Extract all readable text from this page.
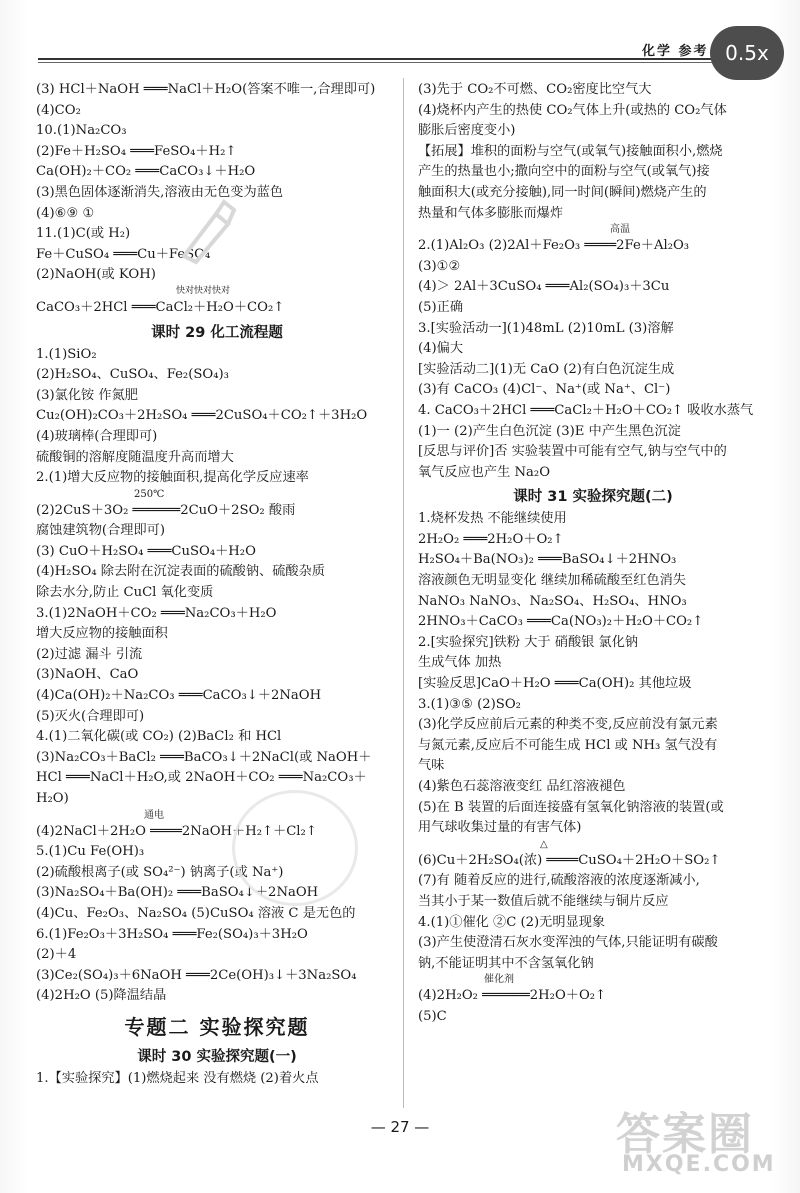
化学 参考 0.5x
(3) HCl＋NaOH ═══NaCl＋H₂O(答案不唯一,合理即可)
(4)CO₂
10.(1)Na₂CO₃
(2)Fe＋H₂SO₄ ═══FeSO₄＋H₂↑
Ca(OH)₂＋CO₂ ═══CaCO₃↓＋H₂O
(3)黑色固体逐渐消失,溶液由无色变为蓝色
(4)⑥⑨ ①
11.(1)C(或 H₂)
Fe＋CuSO₄ ═══Cu＋FeSO₄
(2)NaOH(或 KOH)
快对快对快对
CaCO₃＋2HCl ═══CaCl₂＋H₂O＋CO₂↑
课时 29 化工流程题
1.(1)SiO₂
(2)H₂SO₄、CuSO₄、Fe₂(SO₄)₃
(3)氯化铵 作氮肥
Cu₂(OH)₂CO₃＋2H₂SO₄ ═══2CuSO₄＋CO₂↑＋3H₂O
(4)玻璃棒(合理即可)
硫酸铜的溶解度随温度升高而增大
2.(1)增大反应物的接触面积,提高化学反应速率
250℃
(2)2CuS＋3O₂ ══════2CuO＋2SO₂ 酸雨
腐蚀建筑物(合理即可)
(3) CuO＋H₂SO₄ ═══CuSO₄＋H₂O
(4)H₂SO₄ 除去附在沉淀表面的硫酸钠、硫酸杂质
除去水分,防止 CuCl 氧化变质
3.(1)2NaOH＋CO₂ ═══Na₂CO₃＋H₂O
增大反应物的接触面积
(2)过滤 漏斗 引流
(3)NaOH、CaO
(4)Ca(OH)₂＋Na₂CO₃ ═══CaCO₃↓＋2NaOH
(5)灭火(合理即可)
4.(1)二氧化碳(或 CO₂) (2)BaCl₂ 和 HCl
(3)Na₂CO₃＋BaCl₂ ═══BaCO₃↓＋2NaCl(或 NaOH＋
HCl ═══NaCl＋H₂O,或 2NaOH＋CO₂ ═══Na₂CO₃＋
H₂O)
通电
(4)2NaCl＋2H₂O ════2NaOH＋H₂↑＋Cl₂↑
5.(1)Cu Fe(OH)₃
(2)硫酸根离子(或 SO₄²⁻) 钠离子(或 Na⁺)
(3)Na₂SO₄＋Ba(OH)₂ ═══BaSO₄↓＋2NaOH
(4)Cu、Fe₂O₃、Na₂SO₄ (5)CuSO₄ 溶液 C 是无色的
6.(1)Fe₂O₃＋3H₂SO₄ ═══Fe₂(SO₄)₃＋3H₂O
(2)＋4
(3)Ce₂(SO₄)₃＋6NaOH ═══2Ce(OH)₃↓＋3Na₂SO₄
(4)2H₂O (5)降温结晶
专题二 实验探究题
课时 30 实验探究题(一)
1.【实验探究】(1)燃烧起来 没有燃烧 (2)着火点
(3)先于 CO₂不可燃、CO₂密度比空气大
(4)烧杯内产生的热使 CO₂气体上升(或热的 CO₂气体
膨胀后密度变小)
【拓展】堆积的面粉与空气(或氧气)接触面积小,燃烧
产生的热量也小;撒向空中的面粉与空气(或氧气)接
触面积大(或充分接触),同一时间(瞬间)燃烧产生的
热量和气体多膨胀而爆炸
高温
2.(1)Al₂O₃ (2)2Al＋Fe₂O₃ ════2Fe＋Al₂O₃
(3)①②
(4)＞ 2Al＋3CuSO₄ ═══Al₂(SO₄)₃＋3Cu
(5)正确
3.[实验活动一](1)48mL (2)10mL (3)溶解
(4)偏大
[实验活动二](1)无 CaO (2)有白色沉淀生成
(3)有 CaCO₃ (4)Cl⁻、Na⁺(或 Na⁺、Cl⁻)
4. CaCO₃＋2HCl ═══CaCl₂＋H₂O＋CO₂↑ 吸收水蒸气
(1)一 (2)产生白色沉淀 (3)E 中产生黑色沉淀
[反思与评价]否 实验装置中可能有空气,钠与空气中的
氧气反应也产生 Na₂O
课时 31 实验探究题(二)
1.烧杯发热 不能继续使用
2H₂O₂ ═══2H₂O＋O₂↑
H₂SO₄＋Ba(NO₃)₂ ═══BaSO₄↓＋2HNO₃
溶液颜色无明显变化 继续加稀硫酸至红色消失
NaNO₃ NaNO₃、Na₂SO₄、H₂SO₄、HNO₃
2HNO₃＋CaCO₃ ═══Ca(NO₃)₂＋H₂O＋CO₂↑
2.[实验探究]铁粉 大于 硝酸银 氯化钠
生成气体 加热
[实验反思]CaO＋H₂O ═══Ca(OH)₂ 其他垃圾
3.(1)③⑤ (2)SO₂
(3)化学反应前后元素的种类不变,反应前没有氯元素
与氮元素,反应后不可能生成 HCl 或 NH₃ 氢气没有
气味
(4)紫色石蕊溶液变红 品红溶液褪色
(5)在 B 装置的后面连接盛有氢氧化钠溶液的装置(或
用气球收集过量的有害气体)
△
(6)Cu＋2H₂SO₄(浓) ════CuSO₄＋2H₂O＋SO₂↑
(7)有 随着反应的进行,硫酸溶液的浓度逐渐减小,
当其小于某一数值后就不能继续与铜片反应
4.(1)①催化 ②C (2)无明显现象
(3)产生使澄清石灰水变浑浊的气体,只能证明有碳酸
钠,不能证明其中不含氢氧化钠
催化剂
(4)2H₂O₂ ══════2H₂O＋O₂↑
(5)C
— 27 —	答案圈
MXQE.COM
